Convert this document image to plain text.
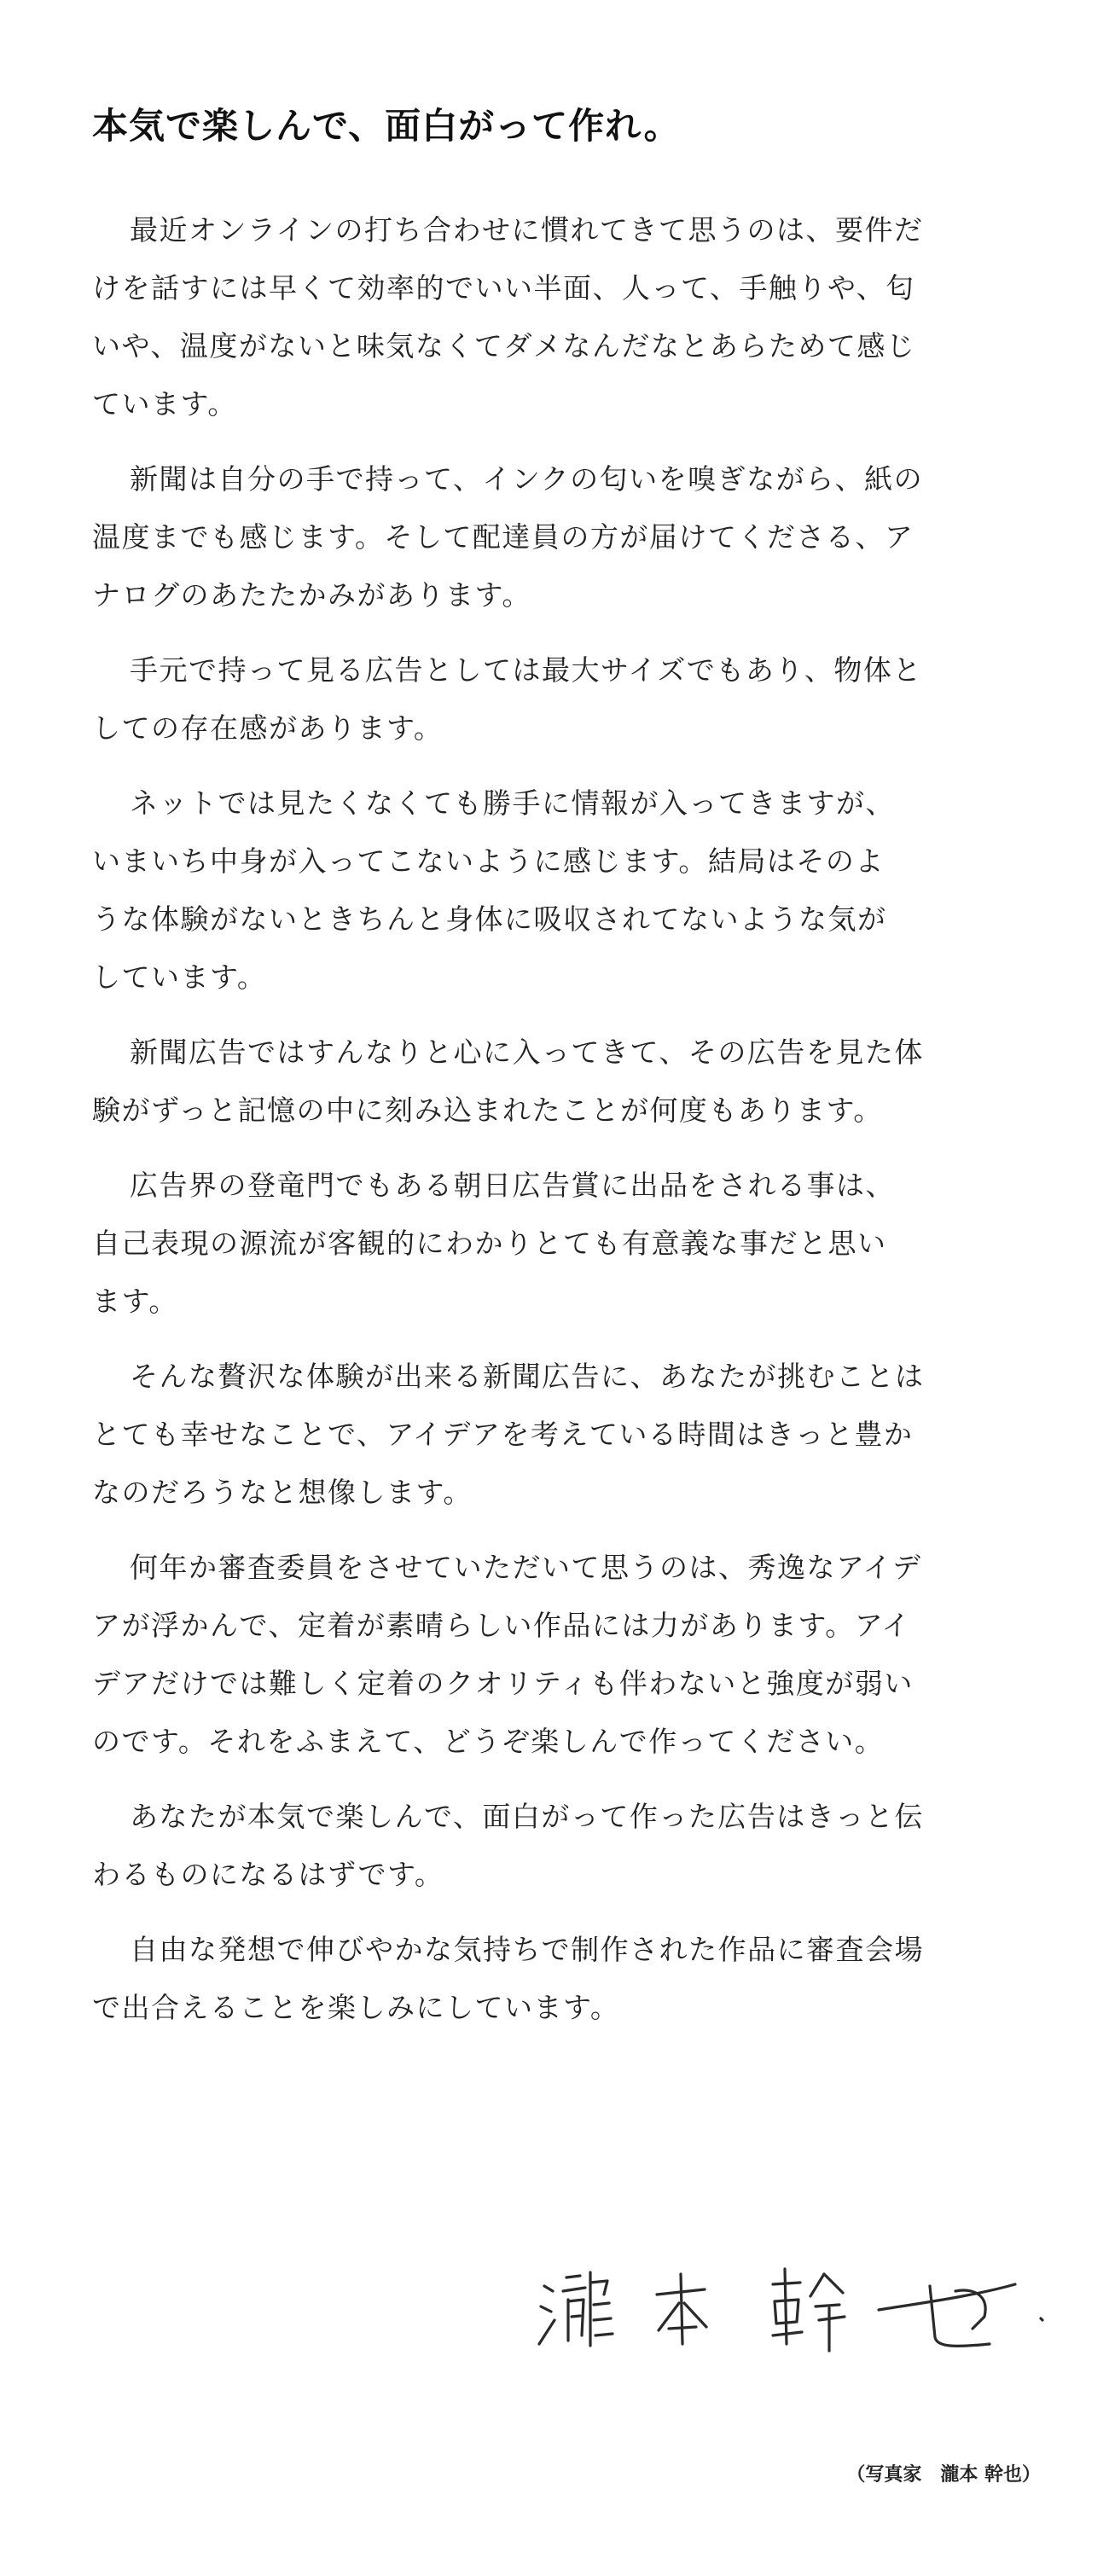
本気で楽しんで、面白がって作れ。

最近オンラインの打ち合わせに慣れてきて思うのは、要件だ
けを話すには早くて効率的でいい半面、人って、手触りや、匂
いや、温度がないと味気なくてダメなんだなとあらためて感じ
ています。

新聞は自分の手で持って、インクの匂いを嗅ぎながら、紙の
温度までも感じます。そして配達員の方が届けてくださる、ア
ナログのあたたかみがあります。

手元で持って見る広告としては最大サイズでもあり、物体と
しての存在感があります。

ネットでは見たくなくても勝手に情報が入ってきますが、
いまいち中身が入ってこないように感じます。結局はそのよ
うな体験がないときちんと身体に吸収されてないような気が
しています。

新聞広告ではすんなりと心に入ってきて、その広告を見た体
験がずっと記憶の中に刻み込まれたことが何度もあります。

広告界の登竜門でもある朝日広告賞に出品をされる事は、
自己表現の源流が客観的にわかりとても有意義な事だと思い
ます。

そんな贅沢な体験が出来る新聞広告に、あなたが挑むことは
とても幸せなことで、アイデアを考えている時間はきっと豊か
なのだろうなと想像します。

何年か審査委員をさせていただいて思うのは、秀逸なアイデ
アが浮かんで、定着が素晴らしい作品には力があります。アイ
デアだけでは難しく定着のクオリティも伴わないと強度が弱い
のです。それをふまえて、どうぞ楽しんで作ってください。

あなたが本気で楽しんで、面白がって作った広告はきっと伝
わるものになるはずです。

自由な発想で伸びやかな気持ちで制作された作品に審査会場
で出合えることを楽しみにしています。

（写真家　瀧本 幹也）
